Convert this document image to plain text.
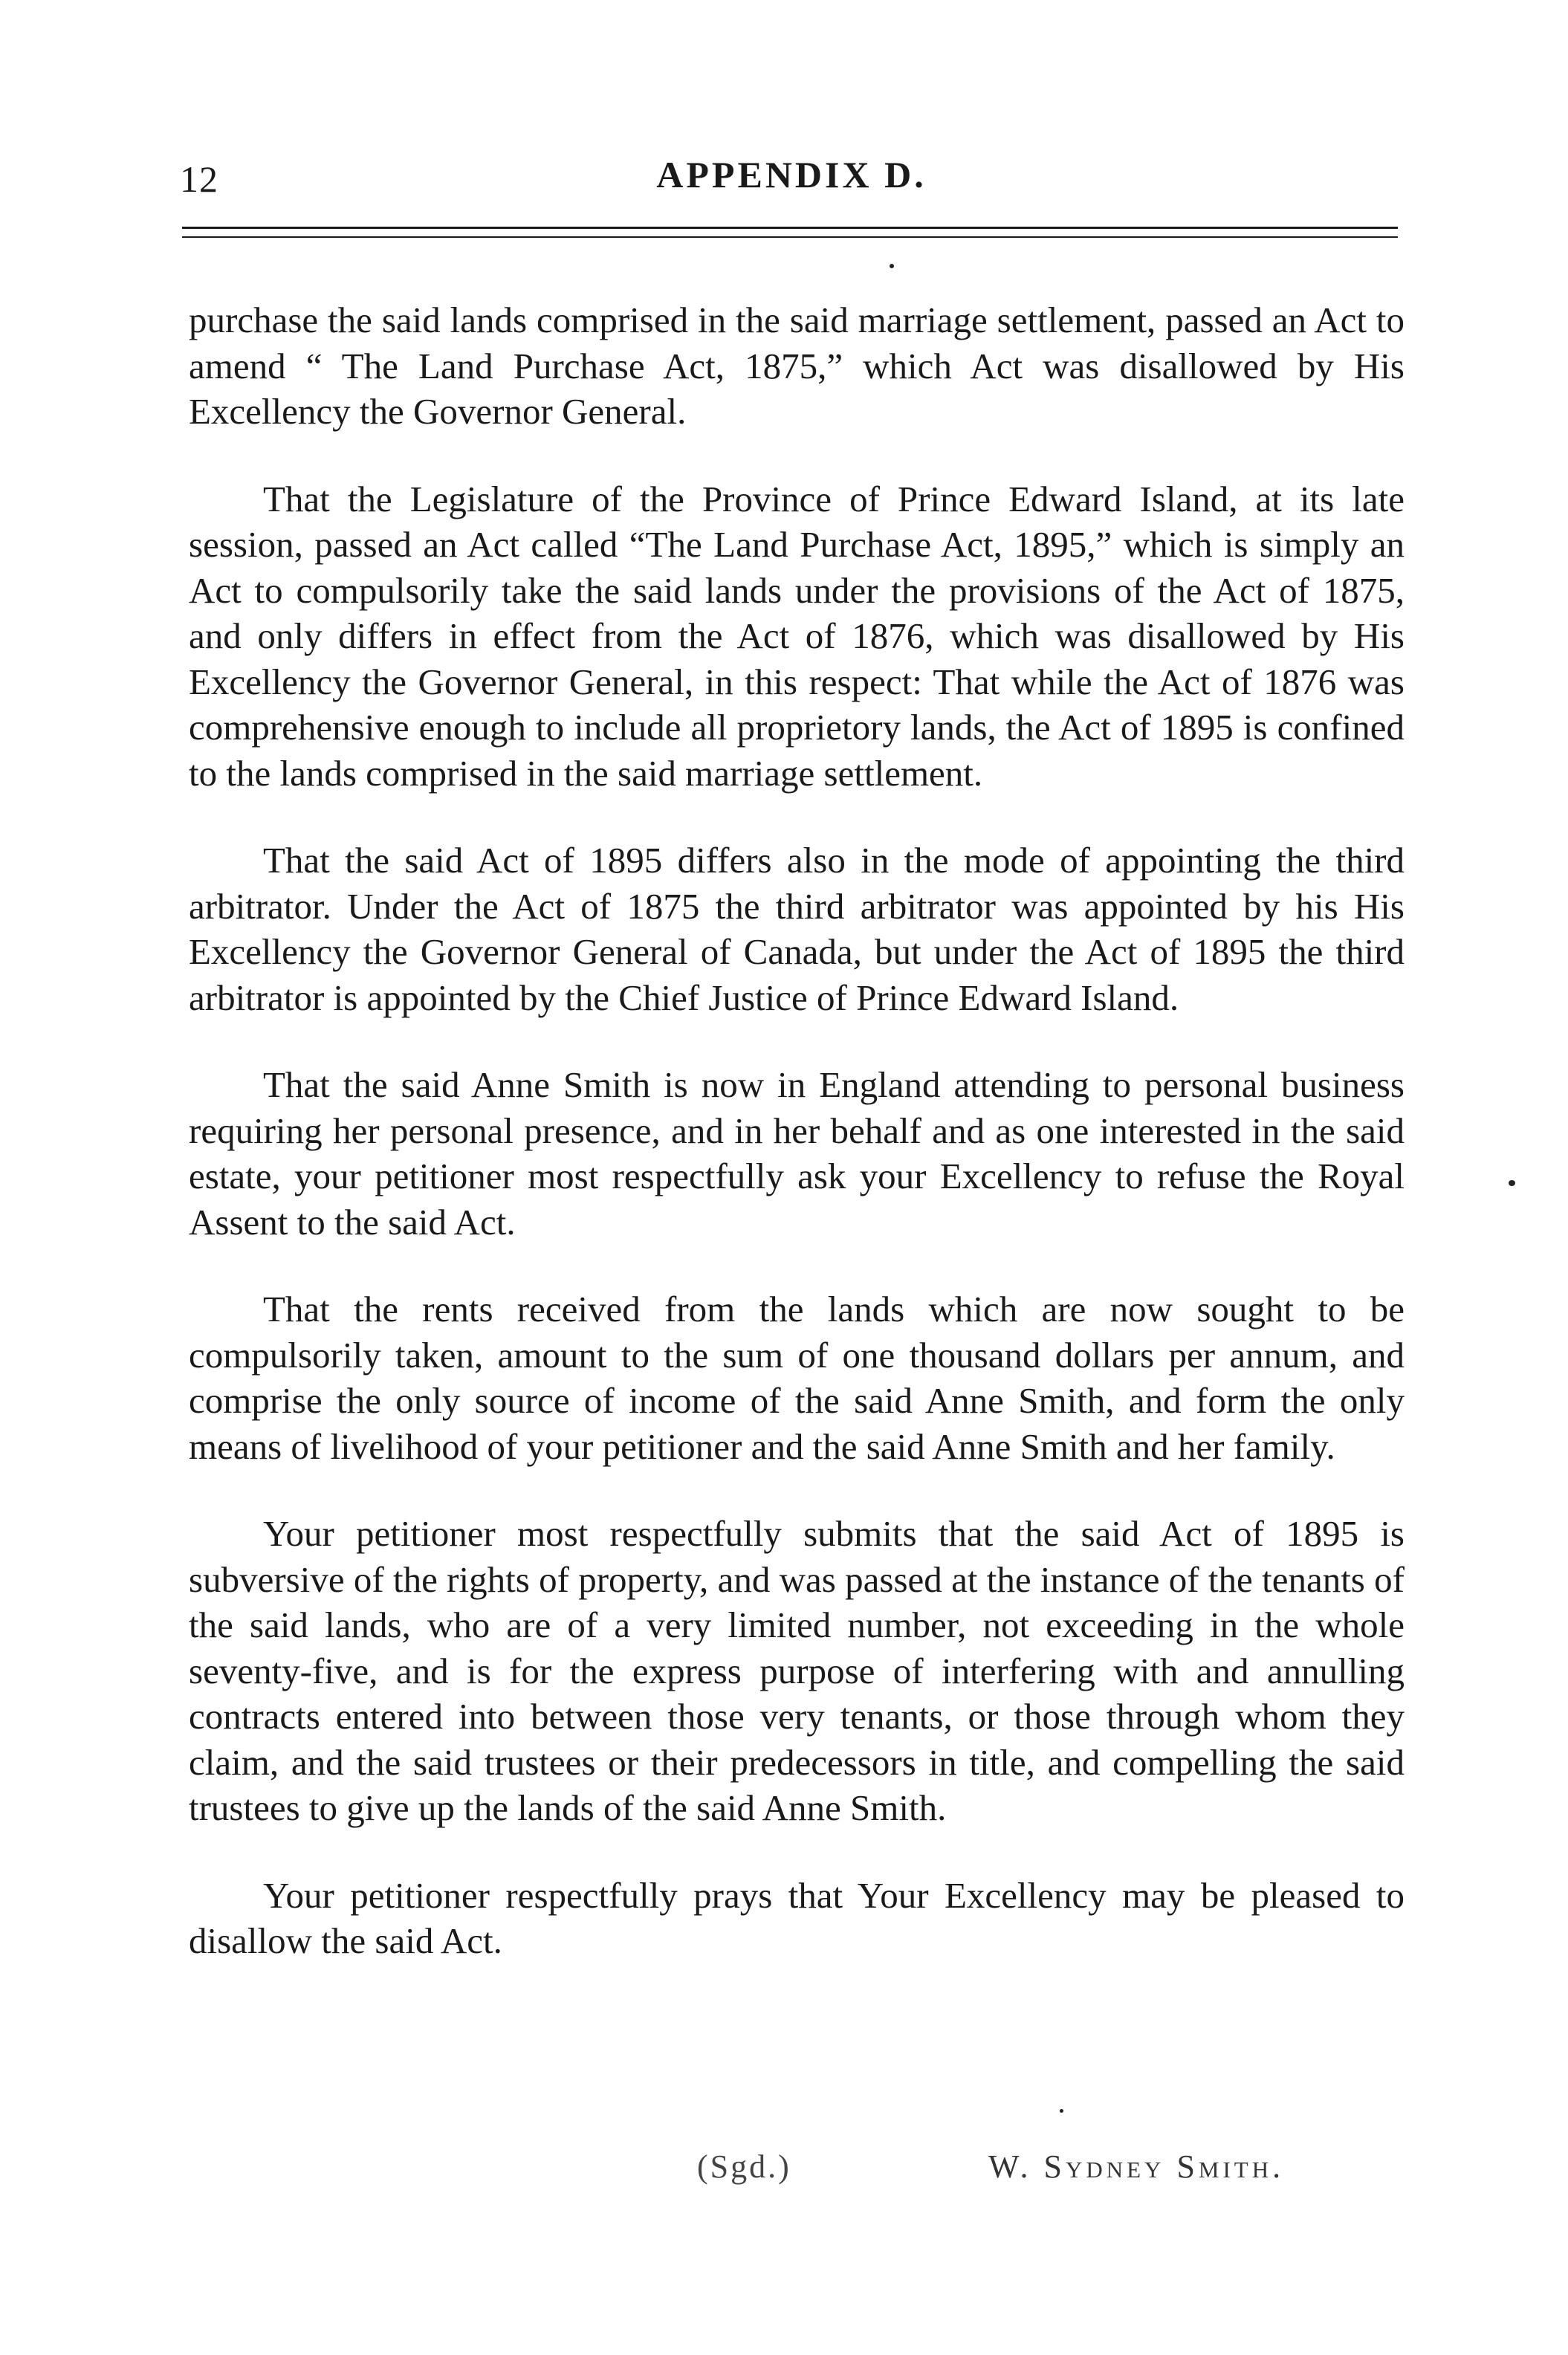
12	APPENDIX D.

purchase the said lands comprised in the said marriage settlement, passed an Act to amend “ The Land Purchase Act, 1875,” which Act was disallowed by His Excellency the Governor General.

That the Legislature of the Province of Prince Edward Island, at its late session, passed an Act called “The Land Purchase Act, 1895,” which is simply an Act to compulsorily take the said lands under the provisions of the Act of 1875, and only differs in effect from the Act of 1876, which was disallowed by His Excellency the Governor General, in this respect: That while the Act of 1876 was comprehensive enough to include all proprietory lands, the Act of 1895 is confined to the lands comprised in the said marriage settlement.

That the said Act of 1895 differs also in the mode of appointing the third arbitrator. Under the Act of 1875 the third arbitrator was appointed by his His Excellency the Governor General of Canada, but under the Act of 1895 the third arbitrator is appointed by the Chief Justice of Prince Edward Island.

That the said Anne Smith is now in England attending to personal business requiring her personal presence, and in her behalf and as one interested in the said estate, your petitioner most respectfully ask your Excellency to refuse the Royal Assent to the said Act.

That the rents received from the lands which are now sought to be compulsorily taken, amount to the sum of one thousand dollars per annum, and comprise the only source of income of the said Anne Smith, and form the only means of livelihood of your petitioner and the said Anne Smith and her family.

Your petitioner most respectfully submits that the said Act of 1895 is subversive of the rights of property, and was passed at the instance of the tenants of the said lands, who are of a very limited number, not exceeding in the whole seventy-five, and is for the express purpose of interfering with and annulling contracts entered into between those very tenants, or those through whom they claim, and the said trustees or their predecessors in title, and compelling the said trustees to give up the lands of the said Anne Smith.

Your petitioner respectfully prays that Your Excellency may be pleased to disallow the said Act.

(Sgd.)	W. Sydney Smith.
